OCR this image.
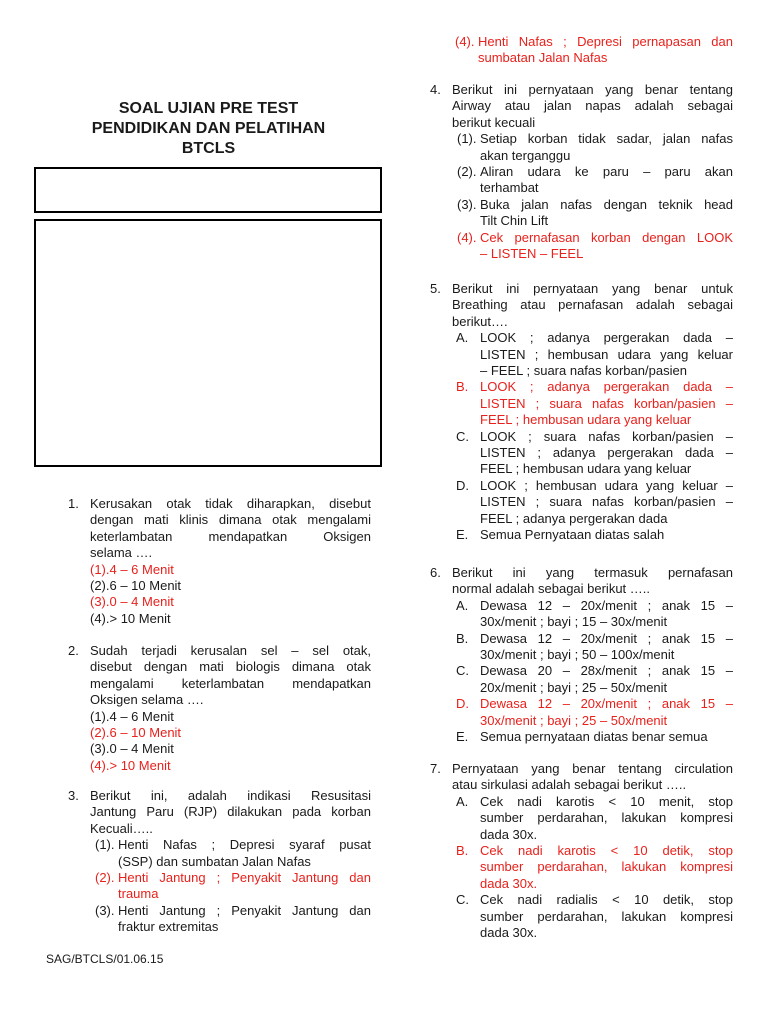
SOAL UJIAN PRE TEST
PENDIDIKAN DAN PELATIHAN
BTCLS
1. Kerusakan otak tidak diharapkan, disebut
dengan mati klinis dimana otak mengalami
keterlambatan mendapatkan Oksigen
selama ….
(1). 4 – 6 Menit
(2). 6 – 10 Menit
(3). 0 – 4 Menit
(4). > 10 Menit
2. Sudah terjadi kerusalan sel – sel otak,
disebut dengan mati biologis dimana otak
mengalami keterlambatan mendapatkan
Oksigen selama ….
(1). 4 – 6 Menit
(2). 6 – 10 Menit
(3). 0 – 4 Menit
(4). > 10 Menit
3. Berikut ini, adalah indikasi Resusitasi
Jantung Paru (RJP) dilakukan pada korban
Kecuali…..
(1). Henti Nafas ; Depresi syaraf pusat
(SSP) dan sumbatan Jalan Nafas
(2). Henti Jantung ; Penyakit Jantung dan
trauma
(3). Henti Jantung ; Penyakit Jantung dan
fraktur extremitas
(4). Henti Nafas ; Depresi pernapasan dan
sumbatan Jalan Nafas
4. Berikut ini pernyataan yang benar tentang
Airway atau jalan napas adalah sebagai
berikut kecuali
(1). Setiap korban tidak sadar, jalan nafas
akan terganggu
(2). Aliran udara ke paru – paru akan
terhambat
(3). Buka jalan nafas dengan teknik head
Tilt Chin Lift
(4). Cek pernafasan korban dengan LOOK
– LISTEN – FEEL
5. Berikut ini pernyataan yang benar untuk
Breathing atau pernafasan adalah sebagai
berikut….
A. LOOK ; adanya pergerakan dada –
LISTEN ; hembusan udara yang keluar
– FEEL ; suara nafas korban/pasien
B. LOOK ; adanya pergerakan dada –
LISTEN ; suara nafas korban/pasien –
FEEL ; hembusan udara yang keluar
C. LOOK ; suara nafas korban/pasien –
LISTEN ; adanya pergerakan dada –
FEEL ; hembusan udara yang keluar
D. LOOK ; hembusan udara yang keluar –
LISTEN ; suara nafas korban/pasien –
FEEL ; adanya pergerakan dada
E. Semua Pernyataan diatas salah
6. Berikut ini yang termasuk pernafasan
normal adalah sebagai berikut …..
A. Dewasa 12 – 20x/menit ; anak 15 –
30x/menit ; bayi ; 15 – 30x/menit
B. Dewasa 12 – 20x/menit ; anak 15 –
30x/menit ; bayi ; 50 – 100x/menit
C. Dewasa 20 – 28x/menit ; anak 15 –
20x/menit ; bayi ; 25 – 50x/menit
D. Dewasa 12 – 20x/menit ; anak 15 –
30x/menit ; bayi ; 25 – 50x/menit
E. Semua pernyataan diatas benar semua
7. Pernyataan yang benar tentang circulation
atau sirkulasi adalah sebagai berikut …..
A. Cek nadi karotis < 10 menit, stop
sumber perdarahan, lakukan kompresi
dada 30x.
B. Cek nadi karotis < 10 detik, stop
sumber perdarahan, lakukan kompresi
dada 30x.
C. Cek nadi radialis < 10 detik, stop
sumber perdarahan, lakukan kompresi
dada 30x.
SAG/BTCLS/01.06.15
